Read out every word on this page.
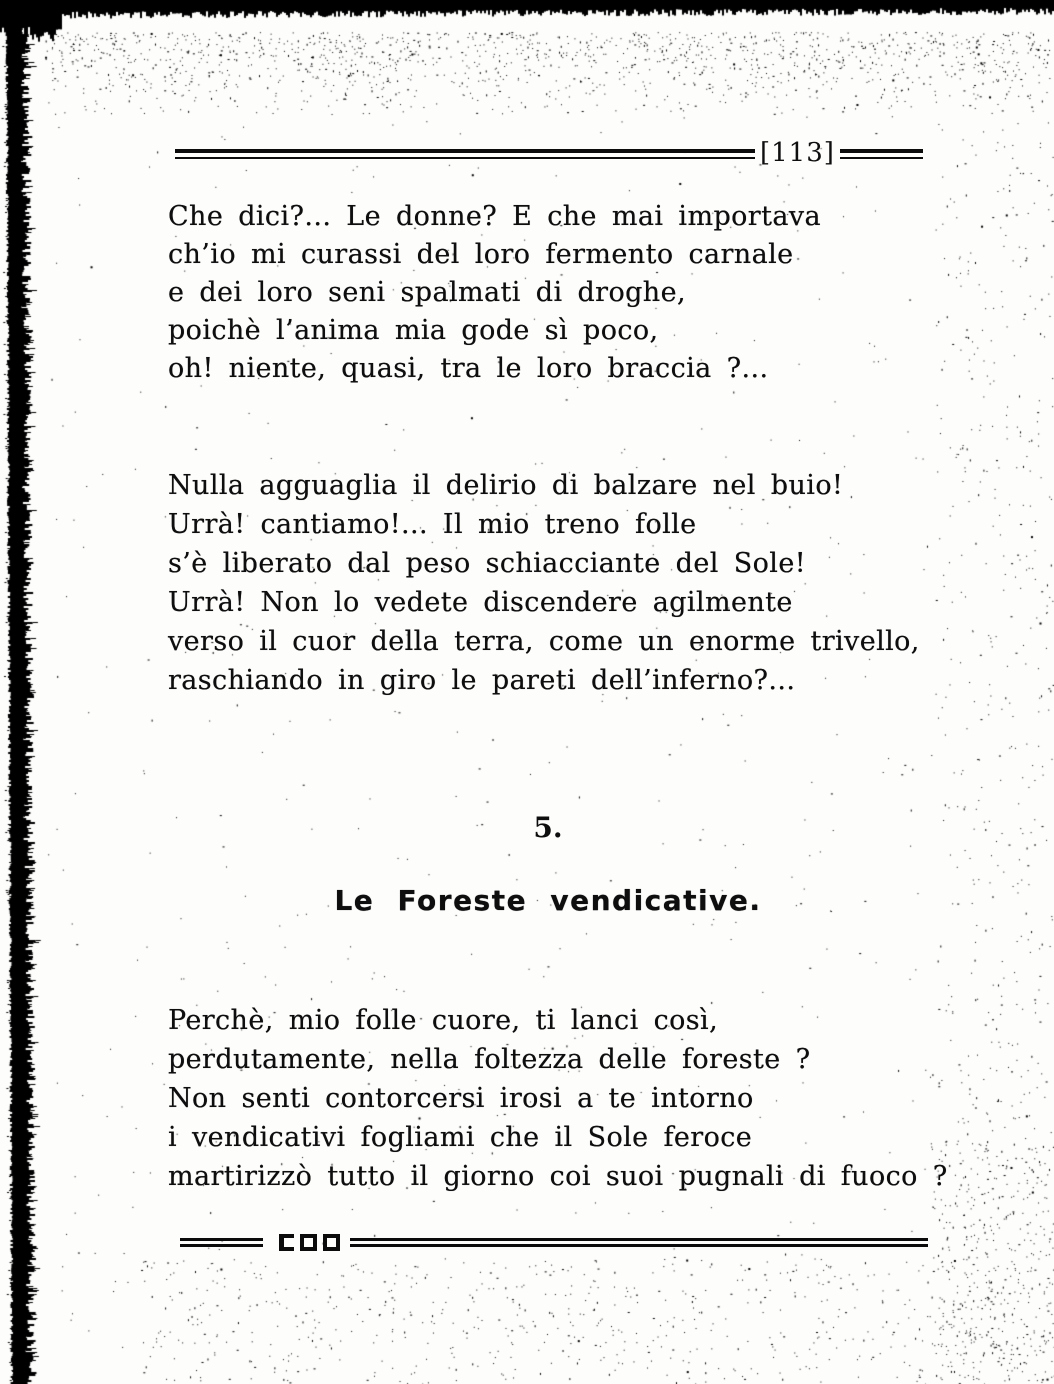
[113]
Che dici?... Le donne? E che mai importava
ch’io mi curassi del loro fermento carnale
e dei loro seni spalmati di droghe,
poichè l’anima mia gode sì poco,
oh! niente, quasi, tra le loro braccia ?...
Nulla agguaglia il delirio di balzare nel buio!
Urrà! cantiamo!... Il mio treno folle
s’è liberato dal peso schiacciante del Sole!
Urrà! Non lo vedete discendere agilmente
verso il cuor della terra, come un enorme trivello,
raschiando in giro le pareti dell’inferno?...
5.
Le Foreste vendicative.
Perchè, mio folle cuore, ti lanci così,
perdutamente, nella foltezza delle foreste ?
Non senti contorcersi irosi a te intorno
i vendicativi fogliami che il Sole feroce
martirizzò tutto il giorno coi suoi pugnali di fuoco ?
